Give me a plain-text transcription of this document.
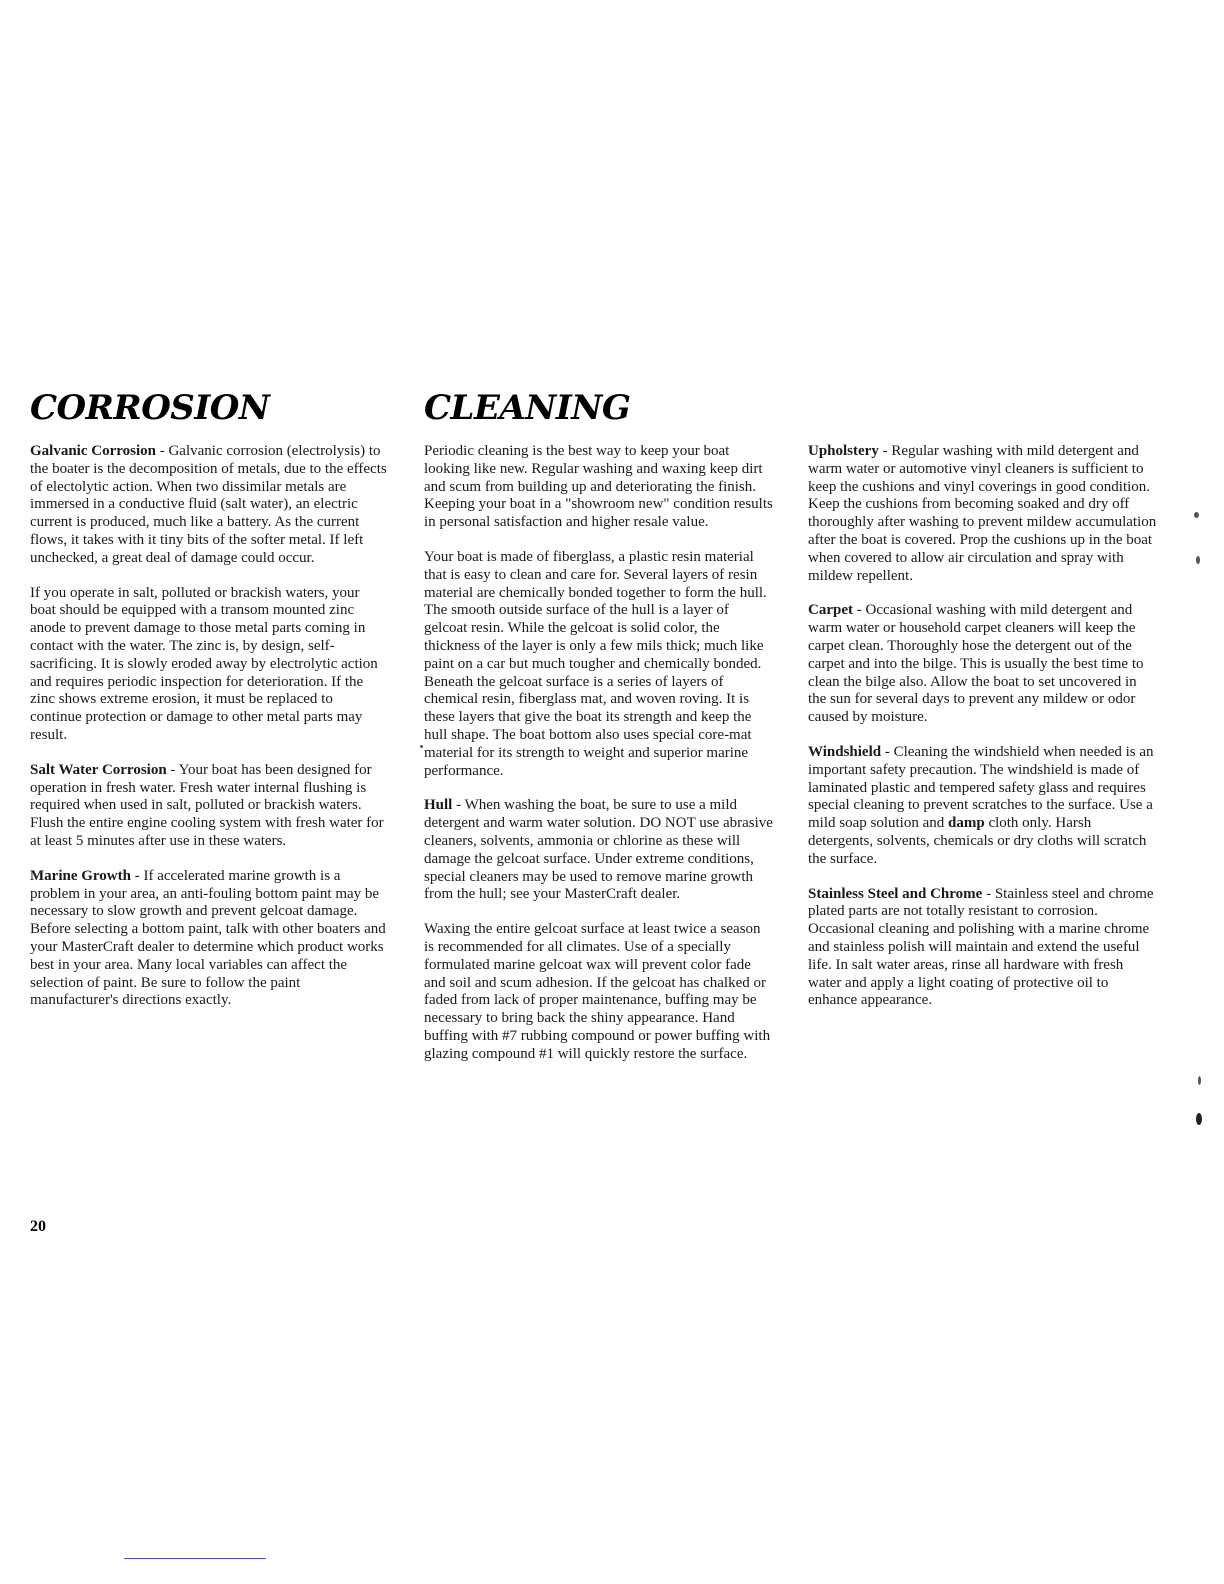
CORROSION	CLEANING

Galvanic Corrosion - Galvanic corrosion (electrolysis) to the boater is the decomposition of metals, due to the effects of electolytic action. When two dissimilar metals are immersed in a conductive fluid (salt water), an electric current is produced, much like a battery. As the current flows, it takes with it tiny bits of the softer metal. If left unchecked, a great deal of damage could occur.

If you operate in salt, polluted or brackish waters, your boat should be equipped with a transom mounted zinc anode to prevent damage to those metal parts coming in contact with the water. The zinc is, by design, self-sacrificing. It is slowly eroded away by electrolytic action and requires periodic inspection for deterioration. If the zinc shows extreme erosion, it must be replaced to continue protection or damage to other metal parts may result.

Salt Water Corrosion - Your boat has been designed for operation in fresh water. Fresh water internal flushing is required when used in salt, polluted or brackish waters. Flush the entire engine cooling system with fresh water for at least 5 minutes after use in these waters.

Marine Growth - If accelerated marine growth is a problem in your area, an anti-fouling bottom paint may be necessary to slow growth and prevent gelcoat damage. Before selecting a bottom paint, talk with other boaters and your MasterCraft dealer to determine which product works best in your area. Many local variables can affect the selection of paint. Be sure to follow the paint manufacturer's directions exactly.

Periodic cleaning is the best way to keep your boat looking like new. Regular washing and waxing keep dirt and scum from building up and deteriorating the finish. Keeping your boat in a "showroom new" condition results in personal satisfaction and higher resale value.

Your boat is made of fiberglass, a plastic resin material that is easy to clean and care for. Several layers of resin material are chemically bonded together to form the hull. The smooth outside surface of the hull is a layer of gelcoat resin. While the gelcoat is solid color, the thickness of the layer is only a few mils thick; much like paint on a car but much tougher and chemically bonded. Beneath the gelcoat surface is a series of layers of chemical resin, fiberglass mat, and woven roving. It is these layers that give the boat its strength and keep the hull shape. The boat bottom also uses special core-mat material for its strength to weight and superior marine performance.

Hull - When washing the boat, be sure to use a mild detergent and warm water solution. DO NOT use abrasive cleaners, solvents, ammonia or chlorine as these will damage the gelcoat surface. Under extreme conditions, special cleaners may be used to remove marine growth from the hull; see your MasterCraft dealer.

Waxing the entire gelcoat surface at least twice a season is recommended for all climates. Use of a specially formulated marine gelcoat wax will prevent color fade and soil and scum adhesion. If the gelcoat has chalked or faded from lack of proper maintenance, buffing may be necessary to bring back the shiny appearance. Hand buffing with #7 rubbing compound or power buffing with glazing compound #1 will quickly restore the surface.

Upholstery - Regular washing with mild detergent and warm water or automotive vinyl cleaners is sufficient to keep the cushions and vinyl coverings in good condition. Keep the cushions from becoming soaked and dry off thoroughly after washing to prevent mildew accumulation after the boat is covered. Prop the cushions up in the boat when covered to allow air circulation and spray with mildew repellent.

Carpet - Occasional washing with mild detergent and warm water or household carpet cleaners will keep the carpet clean. Thoroughly hose the detergent out of the carpet and into the bilge. This is usually the best time to clean the bilge also. Allow the boat to set uncovered in the sun for several days to prevent any mildew or odor caused by moisture.

Windshield - Cleaning the windshield when needed is an important safety precaution. The windshield is made of laminated plastic and tempered safety glass and requires special cleaning to prevent scratches to the surface. Use a mild soap solution and damp cloth only. Harsh detergents, solvents, chemicals or dry cloths will scratch the surface.

Stainless Steel and Chrome - Stainless steel and chrome plated parts are not totally resistant to corrosion. Occasional cleaning and polishing with a marine chrome and stainless polish will maintain and extend the useful life. In salt water areas, rinse all hardware with fresh water and apply a light coating of protective oil to enhance appearance.

20
